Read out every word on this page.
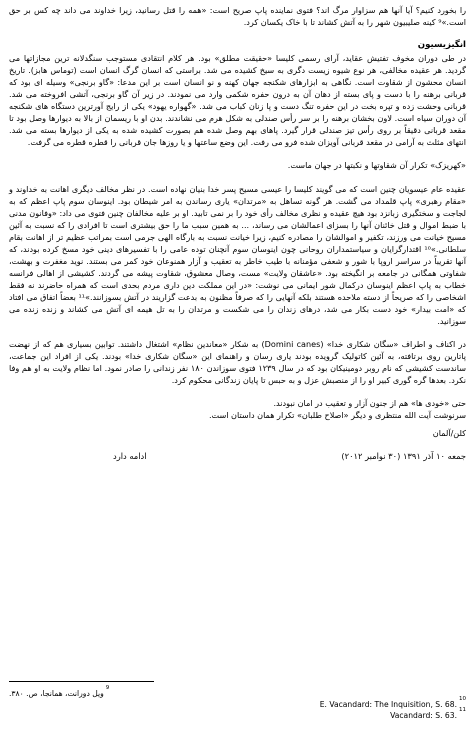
را بخورد کنیم؟ آیا آنها هم سزاوار مرگ اند؟ فتوی نماینده پاپ صریح است: «همه را قتل رسانید، زیرا خداوند می داند چه کس بر حق است.»⁹ کینه صلیبیون شهر را به آتش کشاند تا با خاک یکسان کرد.

انگیزیسیون

در طی دوران مخوف تفتیش عقاید، آرای رسمی کلیسا «حقیقت مطلق» بود. هر کلام انتقادی مستوجب سنگدلانه ترین مجازاتها می گردید. هر عقیده مخالفی، هر نوع شیوه زیست دگری به سیخ کشیده می شد. براستی که انسان گرگ انسان است (توماس هابز). تاریخ انسان محشون از شقاوت است. نگاهی به ابزارهای شکنجه جهان کهنه و نو انسان است بر این مدعا: «گاو برنجی» وسیله ای بود که قربانی برهنه را با دست و پای بسته از دهان آن به درون حفره شکمی وارد می نمودند. در زیر آن گاو برنجی، آتشی افروخته می شد. قربانی وحشت زده و تپره بخت در این حفره تنگ دست و پا زنان کباب می شد. «گهواره یهود» یکی از رایج آورترین دستگاه های شکنجه آن دوران سیاه است. لاون بخشان برهنه را بر سر رأس صندلی به شکل هرم می نشاندند. بدن او با ریسمان از بالا به دیوارها وصل بود تا مقعد قربانی دقیقاً بر روی رأس تیز صندلی قرار گیرد. پاهای بهم وصل شده هم بصورت کشیده شده به یکی از دیوارها بسته می شد. انتهای مثلث به آرامی در مقعد قربانی آویزان شده فرو می رفت. این وضع ساعتها و یا روزها جان قربانی را قطره قطره می گرفت.

«کهریزک» تکرار آن شقاوتها و نکبتها در جهان ماست.

عقیده عام عیسویان چنین است که می گویند کلیسا را عیسی مسیح پسر خدا بنیان نهاده است. در نظر مخالف دیگری اهانت به خداوند و «مقام رهبری» پاپ قلمداد می گشت. هر گونه تساهل به «مرتدان» یاری رساندن به امر شیطان بود. اینوسان سوم پاپ اعظم که به لجاجت و سختگیری زبانزد بود هیچ عقیده و نظری مخالف رأی خود را بر نمی تابید. او بر علیه مخالفان چنین فتوی می داد: «وفانون مدنی با ضبط اموال و قتل خائنان آنها را بسزای اعمالشان می رساند، ... به همین سبب ما را حق بیشتری است تا افرادی را که نسبت به آئین مسیح خیانت می ورزند، تکفیر و اموالشان را مصادره کنیم، زیرا خیانت نسبت به بارگاه الهی جرمی است بمراتب عظیم تر از اهانت بقام سلطانی.»¹⁰ اقتدارگرایان و سیاستمداران روحانی چون اینوسان سوم آنچنان توده عامی را با تفسیرهای دینی خود مسخ کرده بودند، که آنها تقریباً در سراسر اروپا با شور و شعفی مؤمنانه با طیب خاطر به تعقیب و آزار همنوعان خود کمر می بستند. نوید مغفرت و بهشت، شفاوتی همگانی در جامعه بر انگیخته بود. «عاشقان ولایت» مست، وصال معشوق، شقاوت پیشه می گردند. کشیشی از اهالی فرانسه خطاب به پاپ اعظم اینوسان درکمال شور ایمانی می نوشت: «در این مملکت دین داری مردم بحدی است که همراه حاضرند نه فقط اشخاصی را که صریحاً از دسته ملاحده هستند بلکه آنهایی را که صرفاً مظنون به بدعت گزاریند در آتش بسوزانند.»¹¹ بعضاً اتفاق می افتاد که «امت بیدار» خود دست بکار می شد، درهای زندان را می شکست و مرتدان را به تل هیمه ای آتش می کشاند و زنده زنده می سوزانید.

در اکناف و اطراف «سگان شکاری خدا» (Domini canes) به شکار «معاندین نظام» اشتغال داشتند. توابین بسیاری هم که از نهضت پاتارین روی برتافته، به آئین کاتولیک گرویده بودند یاری رسان و راهنمای این «سگان شکاری خدا» بودند. یکی از افراد این جماعت، ساندست کشیشی که نام روبر دومینیکان بود که در سال ۱۲۳۹ فتوی سوزاندن ۱۸۰ نفر زندانی را صادر نمود. اما نظام ولایت به او هم وفا نکرد. بعدها گره گوری کبیر او را از منصبش عزل و به حبس تا پایان زندگانی محکوم کرد.

حتی «خودی ها» هم از جنون آزار و تعقیب در امان نبودند.

سرنوشت آیت الله منتظری و دیگر «اصلاح طلبان» تکرار همان داستان است.

کلن/آلمان

جمعه ۱۰ آذر ۱۳۹۱ (۳۰ نوامبر ۲۰۱۲)
ادامه دارد
9
ویل دورانت، همانجا، ص. ۳۸۰.
E. Vacandard: The Inquisition, S. 68.
10
Vacandard: S. 63.
11
